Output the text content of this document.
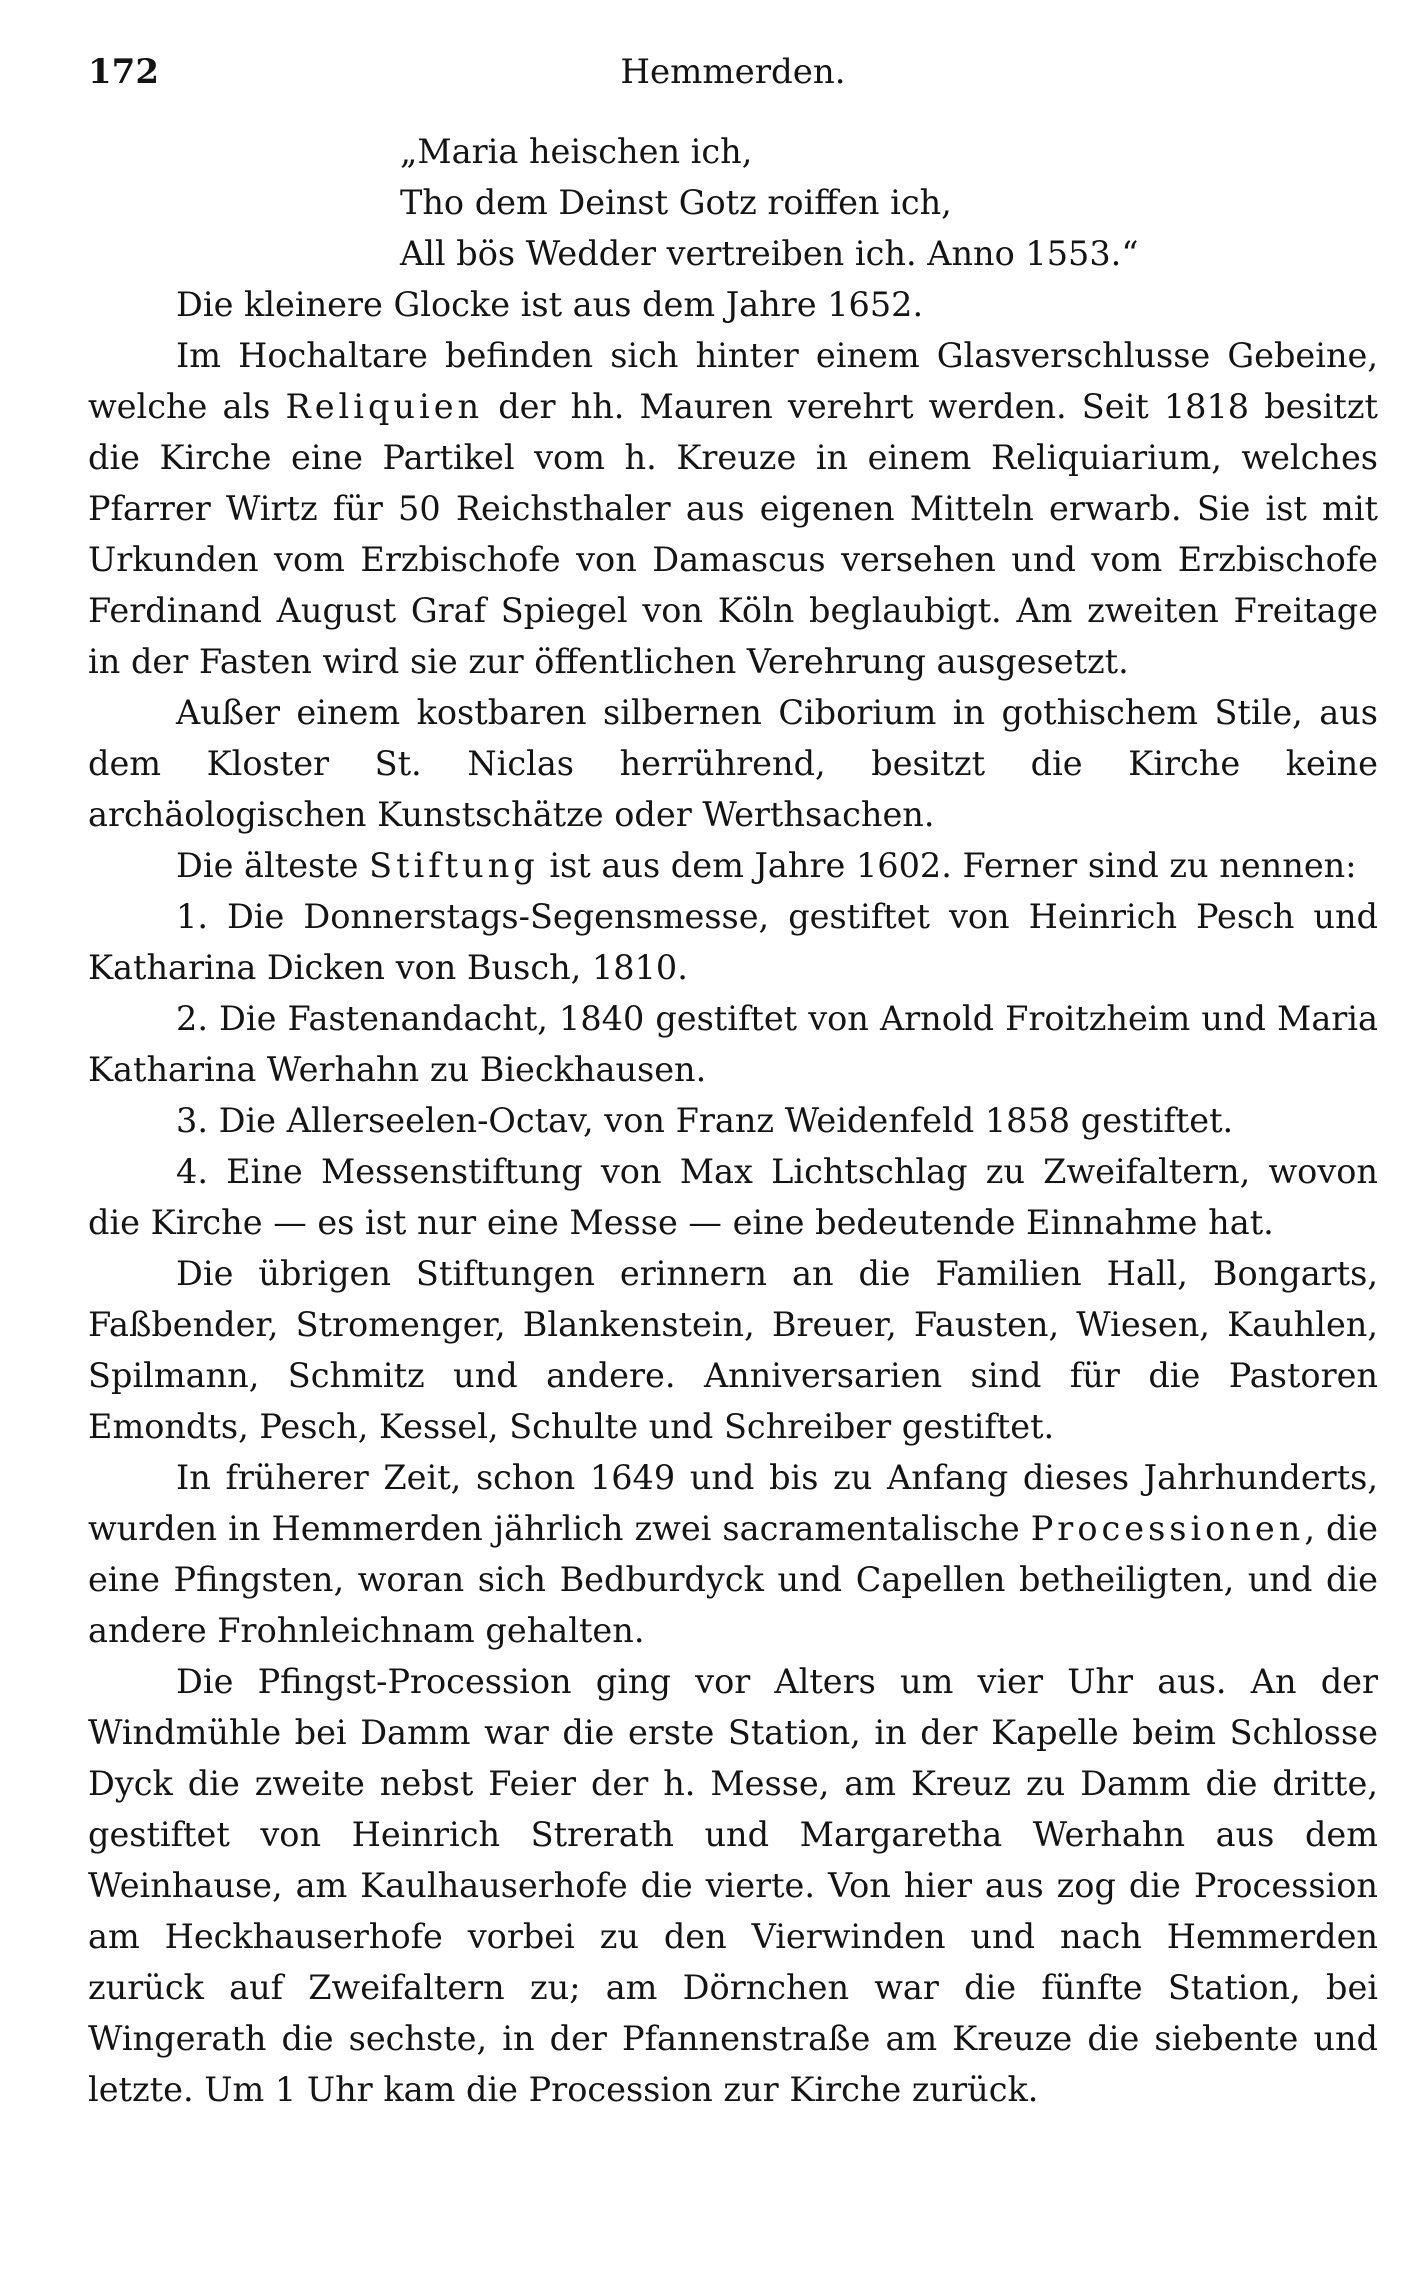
172	Hemmerden.
„Maria heischen ich,
Tho dem Deinst Gotz roiffen ich,
All bös Wedder vertreiben ich. Anno 1553.“

Die kleinere Glocke ist aus dem Jahre 1652.

Im Hochaltare befinden sich hinter einem Glasverschlusse Gebeine, welche als Reliquien der hh. Mauren verehrt werden. Seit 1818 besitzt die Kirche eine Partikel vom h. Kreuze in einem Reliquiarium, welches Pfarrer Wirtz für 50 Reichsthaler aus eigenen Mitteln erwarb. Sie ist mit Urkunden vom Erzbischofe von Damascus versehen und vom Erzbischofe Ferdinand August Graf Spiegel von Köln beglaubigt. Am zweiten Freitage in der Fasten wird sie zur öffentlichen Verehrung ausgesetzt.

Außer einem kostbaren silbernen Ciborium in gothischem Stile, aus dem Kloster St. Niclas herrührend, besitzt die Kirche keine archäologischen Kunstschätze oder Werthsachen.

Die älteste Stiftung ist aus dem Jahre 1602. Ferner sind zu nennen:

1. Die Donnerstags-Segensmesse, gestiftet von Heinrich Pesch und Katharina Dicken von Busch, 1810.

2. Die Fastenandacht, 1840 gestiftet von Arnold Froitzheim und Maria Katharina Werhahn zu Bieckhausen.

3. Die Allerseelen-Octav, von Franz Weidenfeld 1858 gestiftet.

4. Eine Messenstiftung von Max Lichtschlag zu Zweifaltern, wovon die Kirche — es ist nur eine Messe — eine bedeutende Einnahme hat.

Die übrigen Stiftungen erinnern an die Familien Hall, Bongarts, Faßbender, Stromenger, Blankenstein, Breuer, Fausten, Wiesen, Kauhlen, Spilmann, Schmitz und andere. Anniversarien sind für die Pastoren Emondts, Pesch, Kessel, Schulte und Schreiber gestiftet.

In früherer Zeit, schon 1649 und bis zu Anfang dieses Jahrhunderts, wurden in Hemmerden jährlich zwei sacramentalische Processionen, die eine Pfingsten, woran sich Bedburdyck und Capellen betheiligten, und die andere Frohnleichnam gehalten.

Die Pfingst-Procession ging vor Alters um vier Uhr aus. An der Windmühle bei Damm war die erste Station, in der Kapelle beim Schlosse Dyck die zweite nebst Feier der h. Messe, am Kreuz zu Damm die dritte, gestiftet von Heinrich Strerath und Margaretha Werhahn aus dem Weinhause, am Kaulhauserhofe die vierte. Von hier aus zog die Procession am Heckhauserhofe vorbei zu den Vierwinden und nach Hemmerden zurück auf Zweifaltern zu; am Dörnchen war die fünfte Station, bei Wingerath die sechste, in der Pfannenstraße am Kreuze die siebente und letzte. Um 1 Uhr kam die Procession zur Kirche zurück.
